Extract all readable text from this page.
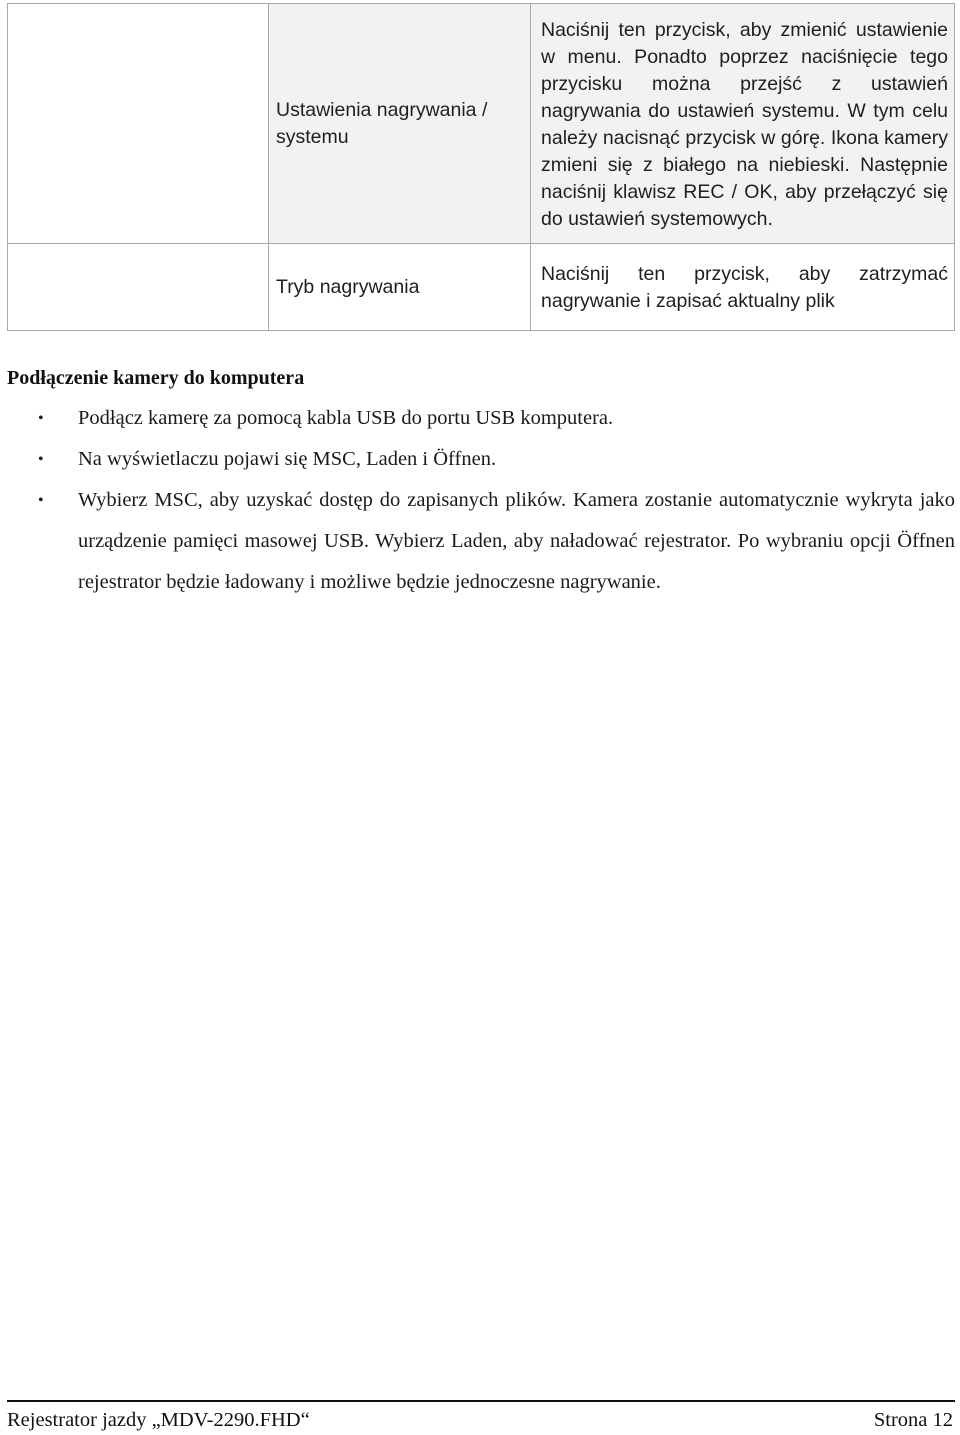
	Ustawienia nagrywania / systemu	Naciśnij ten przycisk, aby zmienić ustawienie w menu. Ponadto poprzez naciśnięcie tego przycisku można przejść z ustawień nagrywania do ustawień systemu. W tym celu należy nacisnąć przycisk w górę. Ikona kamery zmieni się z białego na niebieski. Następnie naciśnij klawisz REC / OK, aby przełączyć się do ustawień systemowych.
	Tryb nagrywania	Naciśnij ten przycisk, aby zatrzymać nagrywanie i zapisać aktualny plik
Podłączenie kamery do komputera
• Podłącz kamerę za pomocą kabla USB do portu USB komputera.
• Na wyświetlaczu pojawi się MSC, Laden i Öffnen.
• Wybierz MSC, aby uzyskać dostęp do zapisanych plików. Kamera zostanie automatycznie wykryta jako urządzenie pamięci masowej USB. Wybierz Laden, aby naładować rejestrator. Po wybraniu opcji Öffnen rejestrator będzie ładowany i możliwe będzie jednoczesne nagrywanie.

Rejestrator jazdy „MDV-2290.FHD“	Strona 12
